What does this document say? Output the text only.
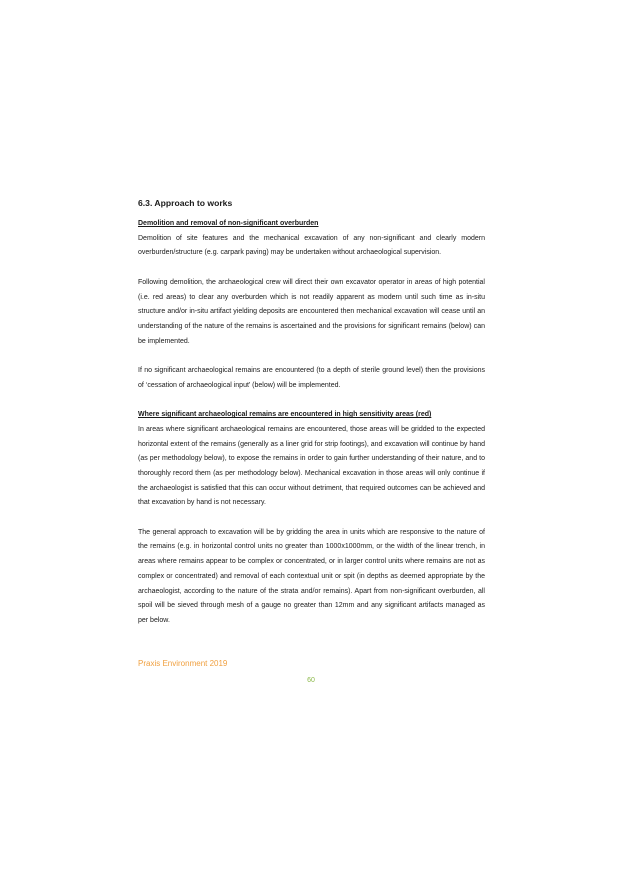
6.3. Approach to works
Demolition and removal of non-significant overburden

Demolition of site features and the mechanical excavation of any non-significant and clearly modern overburden/structure (e.g. carpark paving) may be undertaken without archaeological supervision.

Following demolition, the archaeological crew will direct their own excavator operator in areas of high potential (i.e. red areas) to clear any overburden which is not readily apparent as modern until such time as in-situ structure and/or in-situ artifact yielding deposits are encountered then mechanical excavation will cease until an understanding of the nature of the remains is ascertained and the provisions for significant remains (below) can be implemented.

If no significant archaeological remains are encountered (to a depth of sterile ground level) then the provisions of ‘cessation of archaeological input’ (below) will be implemented.

Where significant archaeological remains are encountered in high sensitivity areas (red)

In areas where significant archaeological remains are encountered, those areas will be gridded to the expected horizontal extent of the remains (generally as a liner grid for strip footings), and excavation will continue by hand (as per methodology below), to expose the remains in order to gain further understanding of their nature, and to thoroughly record them (as per methodology below). Mechanical excavation in those areas will only continue if the archaeologist is satisfied that this can occur without detriment, that required outcomes can be achieved and that excavation by hand is not necessary.

The general approach to excavation will be by gridding the area in units which are responsive to the nature of the remains (e.g. in horizontal control units no greater than 1000x1000mm, or the width of the linear trench, in areas where remains appear to be complex or concentrated, or in larger control units where remains are not as complex or concentrated) and removal of each contextual unit or spit (in depths as deemed appropriate by the archaeologist, according to the nature of the strata and/or remains). Apart from non-significant overburden, all spoil will be sieved through mesh of a gauge no greater than 12mm and any significant artifacts managed as per below.

Praxis Environment 2019
60
